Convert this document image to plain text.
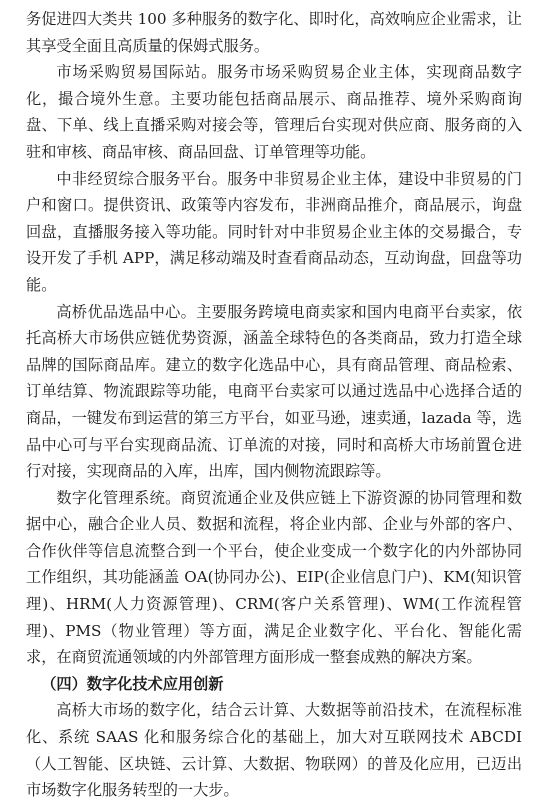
务促进四大类共 100 多种服务的数字化、即时化，高效响应企业需求，让其享受全面且高质量的保姆式服务。

市场采购贸易国际站。服务市场采购贸易企业主体，实现商品数字化，撮合境外生意。主要功能包括商品展示、商品推荐、境外采购商询盘、下单、线上直播采购对接会等，管理后台实现对供应商、服务商的入驻和审核、商品审核、商品回盘、订单管理等功能。

中非经贸综合服务平台。服务中非贸易企业主体，建设中非贸易的门户和窗口。提供资讯、政策等内容发布，非洲商品推介，商品展示，询盘回盘，直播服务接入等功能。同时针对中非贸易企业主体的交易撮合，专设开发了手机 APP，满足移动端及时查看商品动态，互动询盘，回盘等功能。

高桥优品选品中心。主要服务跨境电商卖家和国内电商平台卖家，依托高桥大市场供应链优势资源，涵盖全球特色的各类商品，致力打造全球品牌的国际商品库。建立的数字化选品中心，具有商品管理、商品检索、订单结算、物流跟踪等功能，电商平台卖家可以通过选品中心选择合适的商品，一键发布到运营的第三方平台，如亚马逊，速卖通，lazada 等，选品中心可与平台实现商品流、订单流的对接，同时和高桥大市场前置仓进行对接，实现商品的入库，出库，国内侧物流跟踪等。

数字化管理系统。商贸流通企业及供应链上下游资源的协同管理和数据中心，融合企业人员、数据和流程，将企业内部、企业与外部的客户、合作伙伴等信息流整合到一个平台，使企业变成一个数字化的内外部协同工作组织，其功能涵盖 OA(协同办公)、EIP(企业信息门户)、KM(知识管理)、HRM(人力资源管理)、CRM(客户关系管理)、WM(工作流程管理)、PMS（物业管理）等方面，满足企业数字化、平台化、智能化需求，在商贸流通领域的内外部管理方面形成一整套成熟的解决方案。

（四）数字化技术应用创新

高桥大市场的数字化，结合云计算、大数据等前沿技术，在流程标准化、系统 SAAS 化和服务综合化的基础上，加大对互联网技术 ABCDI（人工智能、区块链、云计算、大数据、物联网）的普及化应用，已迈出市场数字化服务转型的一大步。
